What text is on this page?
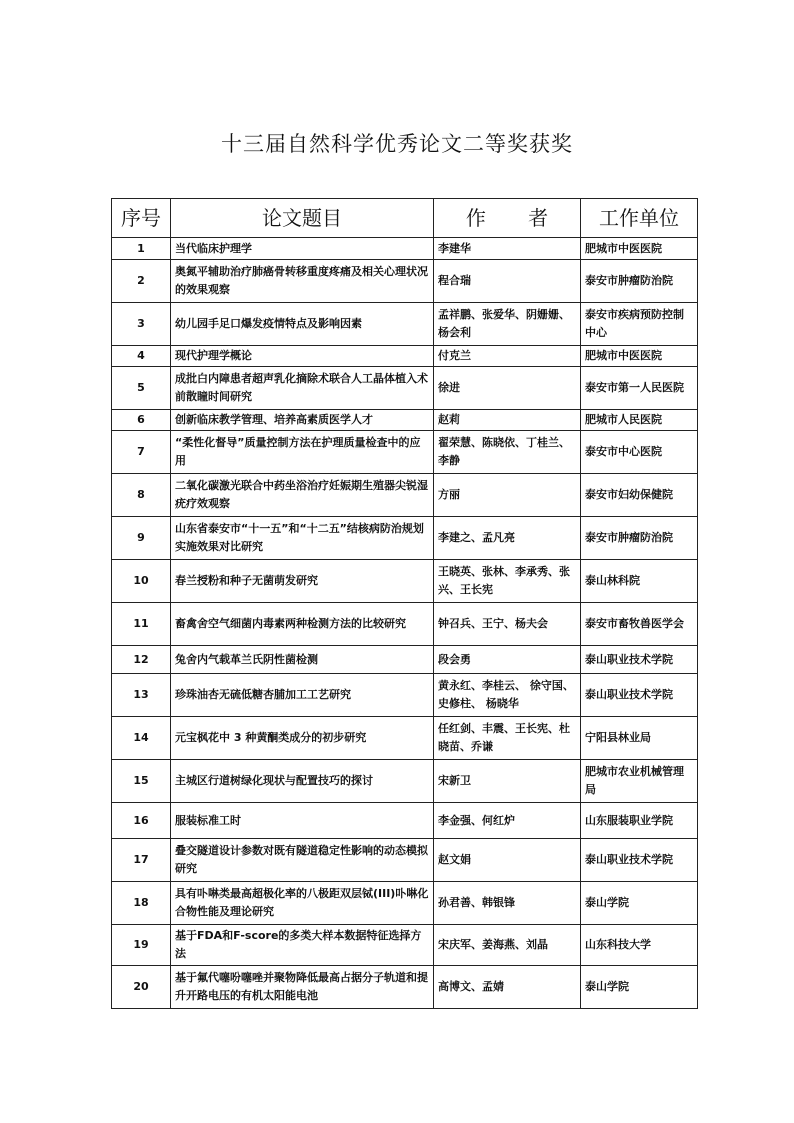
十三届自然科学优秀论文二等奖获奖
序号	论文题目	作 者	工作单位
1	当代临床护理学	李建华	肥城市中医医院
2	奥氮平辅助治疗肺癌骨转移重度疼痛及相关心理状况的效果观察	程合瑞	泰安市肿瘤防治院
3	幼儿园手足口爆发疫情特点及影响因素	孟祥鹏、张爱华、阴姗姗、杨会利	泰安市疾病预防控制中心
4	现代护理学概论	付克兰	肥城市中医医院
5	成批白内障患者超声乳化摘除术联合人工晶体植入术前散瞳时间研究	徐进	泰安市第一人民医院
6	创新临床教学管理、培养高素质医学人才	赵莉	肥城市人民医院
7	“柔性化督导”质量控制方法在护理质量检查中的应用	翟荣慧、陈晓依、丁桂兰、李静	泰安市中心医院
8	二氧化碳激光联合中药坐浴治疗妊娠期生殖器尖锐湿疣疗效观察	方丽	泰安市妇幼保健院
9	山东省泰安市“十一五”和“十二五”结核病防治规划实施效果对比研究	李建之、孟凡亮	泰安市肿瘤防治院
10	春兰授粉和种子无菌萌发研究	王晓英、张林、李承秀、张兴、王长宪	泰山林科院
11	畜禽舍空气细菌内毒素两种检测方法的比较研究	钟召兵、王宁、杨夫会	泰安市畜牧兽医学会
12	兔舍内气载革兰氏阴性菌检测	段会勇	泰山职业技术学院
13	珍珠油杏无硫低糖杏脯加工工艺研究	黄永红、李桂云、 徐守国、 史修柱、 杨晓华	泰山职业技术学院
14	元宝枫花中 3 种黄酮类成分的初步研究	任红剑、丰震、王长宪、杜晓苗、乔谦	宁阳县林业局
15	主城区行道树绿化现状与配置技巧的探讨	宋新卫	肥城市农业机械管理局
16	服装标准工时	李金强、何红炉	山东服装职业学院
17	叠交隧道设计参数对既有隧道稳定性影响的动态模拟研究	赵文娟	泰山职业技术学院
18	具有卟啉类最高超极化率的八极距双层铽(III)卟啉化合物性能及理论研究	孙君善、韩银锋	泰山学院
19	基于FDA和F-score的多类大样本数据特征选择方法	宋庆军、姜海燕、刘晶	山东科技大学
20	基于氟代噻吩噻唑并聚物降低最高占据分子轨道和提升开路电压的有机太阳能电池	高博文、孟婧	泰山学院
